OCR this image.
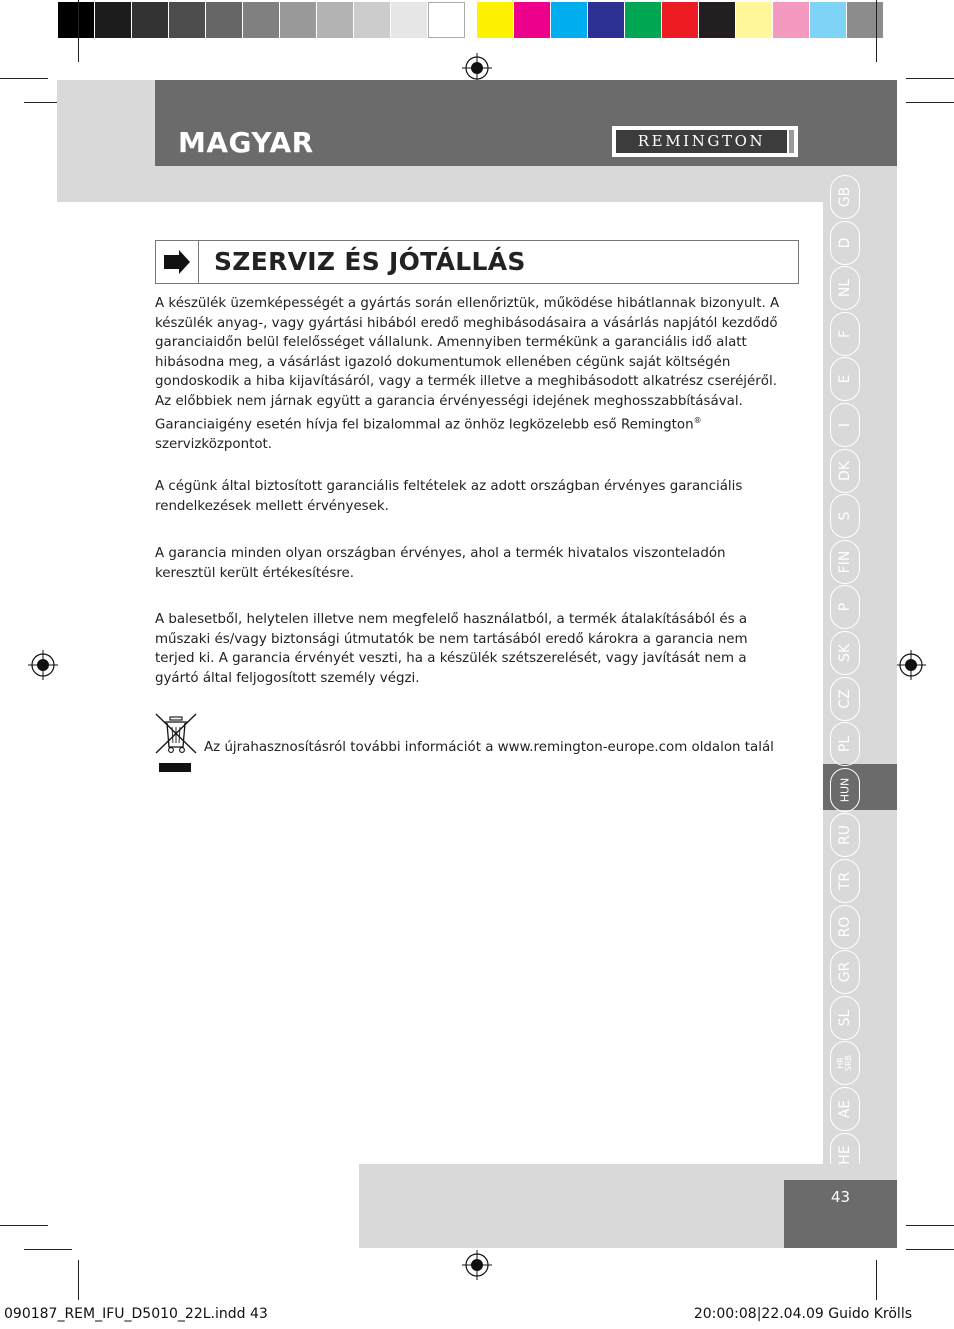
MAGYAR	REMINGTON
GB
D
NL
F
E
I
DK
S
FIN
P
SK
CZ
PL
HUN
RU
TR
RO
GR
SL
HR SRB
AE
HE
SZERVIZ ÉS JÓTÁLLÁS

A készülék üzemképességét a gyártás során ellenőriztük, működése hibátlannak bizonyult. A készülék anyag-, vagy gyártási hibából eredő meghibásodásaira a vásárlás napjától kezdődő garanciaidőn belül felelősséget vállalunk. Amennyiben termékünk a garanciális idő alatt hibásodna meg, a vásárlást igazoló dokumentumok ellenében cégünk saját költségén gondoskodik a hiba kijavításáról, vagy a termék illetve a meghibásodott alkatrész cseréjéről. Az előbbiek nem járnak együtt a garancia érvényességi idejének meghosszabbításával. Garanciaigény esetén hívja fel bizalommal az önhöz legközelebb eső Remington®
szervizközpontot.

A cégünk által biztosított garanciális feltételek az adott országban érvényes garanciális rendelkezések mellett érvényesek.

A garancia minden olyan országban érvényes, ahol a termék hivatalos viszonteladón keresztül került értékesítésre.

A balesetből, helytelen illetve nem megfelelő használatból, a termék átalakításából és a műszaki és/vagy biztonsági útmutatók be nem tartásából eredő károkra a garancia nem terjed ki. A garancia érvényét veszti, ha a készülék szétszerelését, vagy javítását nem a gyártó által feljogosított személy végzi.

Az újrahasznosításról további információt a www.remington-europe.com oldalon talál
43
090187_REM_IFU_D5010_22L.indd 43	20:00:08|22.04.09 Guido Krölls
